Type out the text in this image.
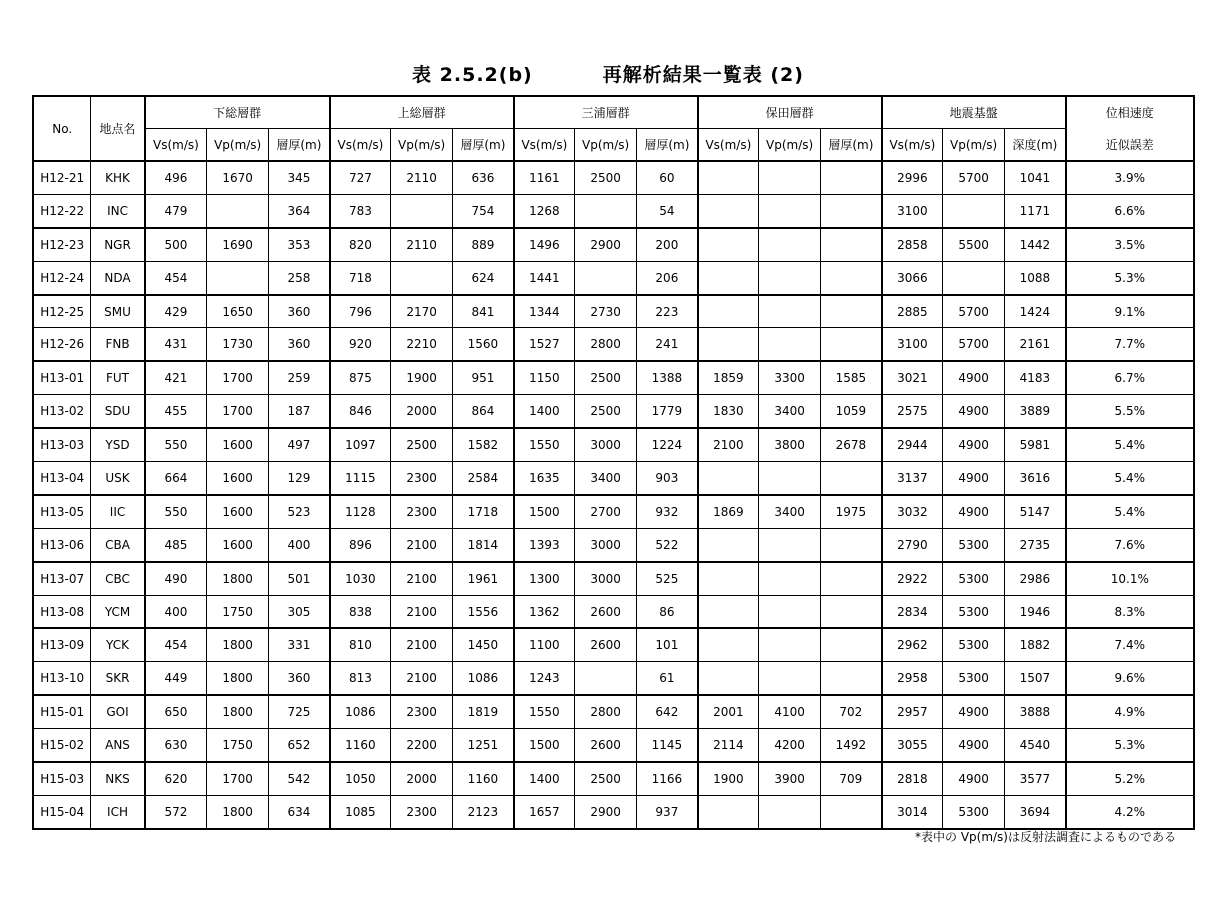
表 2.5.2(b)	再解析結果一覧表 (2)
No.	地点名	下総層群			上総層群			三浦層群			保田層群			地震基盤			位相速度
		Vs(m/s)	Vp(m/s)	層厚(m)	Vs(m/s)	Vp(m/s)	層厚(m)	Vs(m/s)	Vp(m/s)	層厚(m)	Vs(m/s)	Vp(m/s)	層厚(m)	Vs(m/s)	Vp(m/s)	深度(m)	近似誤差
H12-21	KHK	496	1670	345	727	2110	636	1161	2500	60				2996	5700	1041	3.9%
H12-22	INC	479		364	783		754	1268		54				3100		1171	6.6%
H12-23	NGR	500	1690	353	820	2110	889	1496	2900	200				2858	5500	1442	3.5%
H12-24	NDA	454		258	718		624	1441		206				3066		1088	5.3%
H12-25	SMU	429	1650	360	796	2170	841	1344	2730	223				2885	5700	1424	9.1%
H12-26	FNB	431	1730	360	920	2210	1560	1527	2800	241				3100	5700	2161	7.7%
H13-01	FUT	421	1700	259	875	1900	951	1150	2500	1388	1859	3300	1585	3021	4900	4183	6.7%
H13-02	SDU	455	1700	187	846	2000	864	1400	2500	1779	1830	3400	1059	2575	4900	3889	5.5%
H13-03	YSD	550	1600	497	1097	2500	1582	1550	3000	1224	2100	3800	2678	2944	4900	5981	5.4%
H13-04	USK	664	1600	129	1115	2300	2584	1635	3400	903				3137	4900	3616	5.4%
H13-05	IIC	550	1600	523	1128	2300	1718	1500	2700	932	1869	3400	1975	3032	4900	5147	5.4%
H13-06	CBA	485	1600	400	896	2100	1814	1393	3000	522				2790	5300	2735	7.6%
H13-07	CBC	490	1800	501	1030	2100	1961	1300	3000	525				2922	5300	2986	10.1%
H13-08	YCM	400	1750	305	838	2100	1556	1362	2600	86				2834	5300	1946	8.3%
H13-09	YCK	454	1800	331	810	2100	1450	1100	2600	101				2962	5300	1882	7.4%
H13-10	SKR	449	1800	360	813	2100	1086	1243		61				2958	5300	1507	9.6%
H15-01	GOI	650	1800	725	1086	2300	1819	1550	2800	642	2001	4100	702	2957	4900	3888	4.9%
H15-02	ANS	630	1750	652	1160	2200	1251	1500	2600	1145	2114	4200	1492	3055	4900	4540	5.3%
H15-03	NKS	620	1700	542	1050	2000	1160	1400	2500	1166	1900	3900	709	2818	4900	3577	5.2%
H15-04	ICH	572	1800	634	1085	2300	2123	1657	2900	937				3014	5300	3694	4.2%
*表中の Vp(m/s)は反射法調査によるものである
